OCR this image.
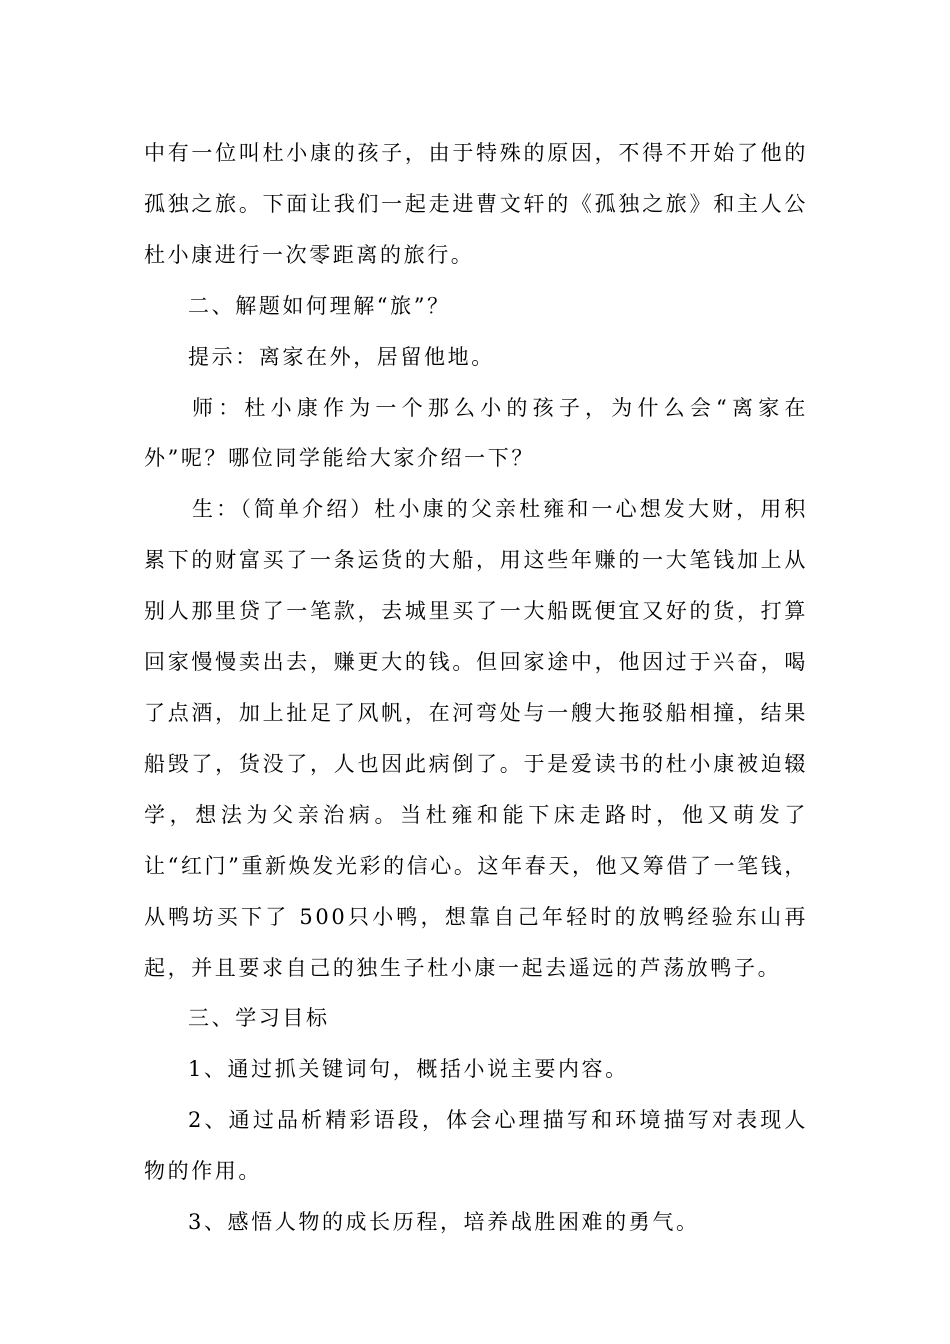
中有一位叫杜小康的孩子，由于特殊的原因，不得不开始了他的孤独之旅。下面让我们一起走进曹文轩的《孤独之旅》和主人公杜小康进行一次零距离的旅行。

二、解题如何理解“旅”？

提示：离家在外，居留他地。

师：杜小康作为一个那么小的孩子，为什么会“离家在外”呢？哪位同学能给大家介绍一下？

生：（简单介绍）杜小康的父亲杜雍和一心想发大财，用积累下的财富买了一条运货的大船，用这些年赚的一大笔钱加上从别人那里贷了一笔款，去城里买了一大船既便宜又好的货，打算回家慢慢卖出去，赚更大的钱。但回家途中，他因过于兴奋，喝了点酒，加上扯足了风帆，在河弯处与一艘大拖驳船相撞，结果船毁了，货没了，人也因此病倒了。于是爱读书的杜小康被迫辍学，想法为父亲治病。当杜雍和能下床走路时，他又萌发了让“红门”重新焕发光彩的信心。这年春天，他又筹借了一笔钱，从鸭坊买下了 500只小鸭，想靠自己年轻时的放鸭经验东山再起，并且要求自己的独生子杜小康一起去遥远的芦荡放鸭子。

三、学习目标

1、通过抓关键词句，概括小说主要内容。

2、通过品析精彩语段，体会心理描写和环境描写对表现人物的作用。

3、感悟人物的成长历程，培养战胜困难的勇气。
